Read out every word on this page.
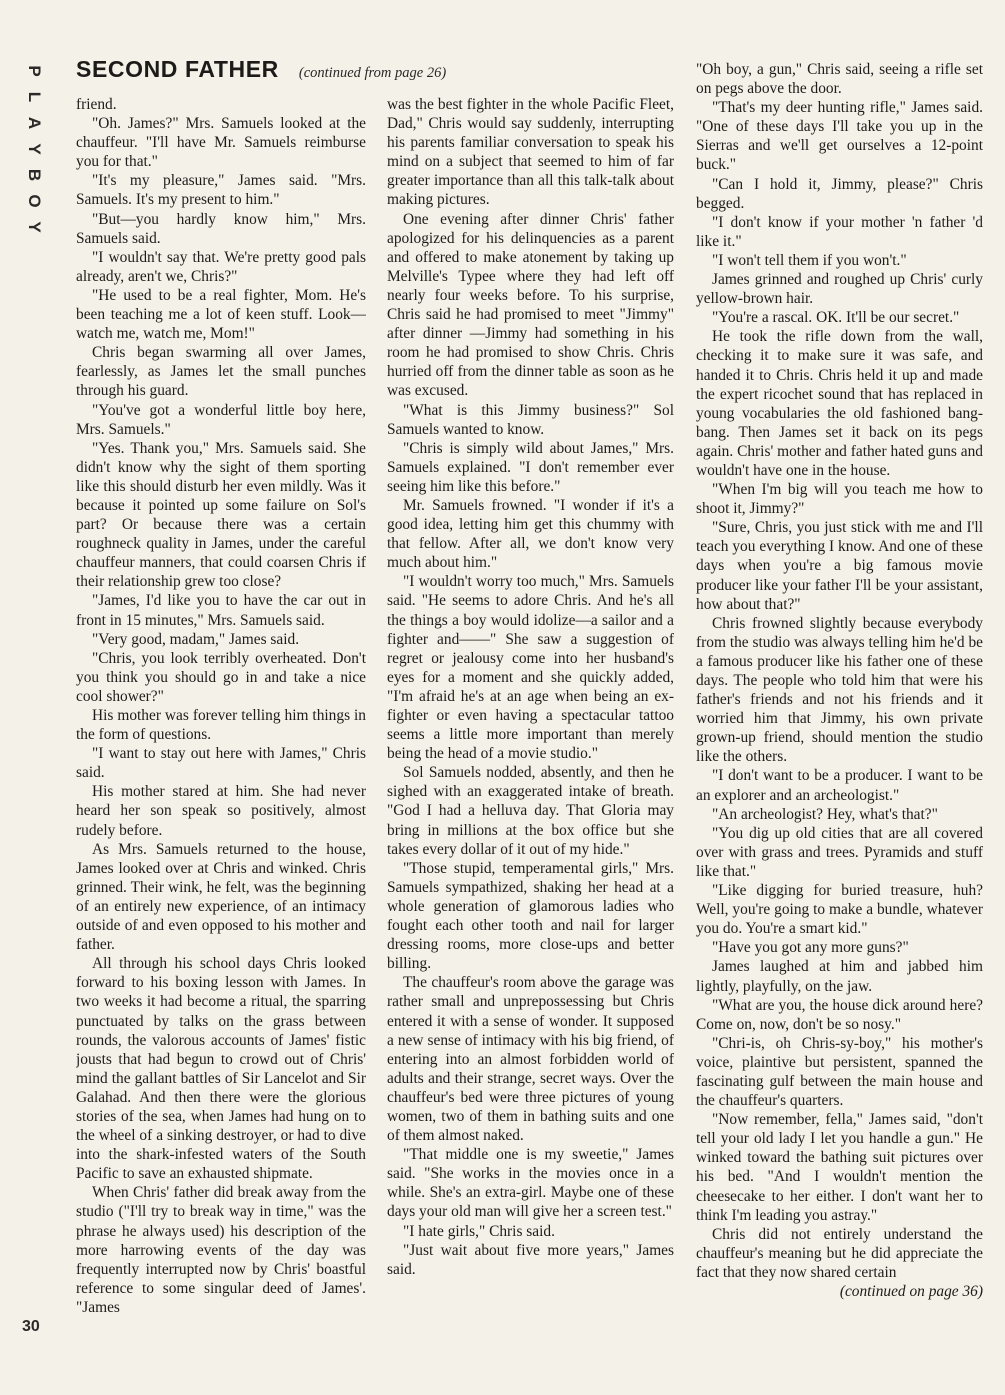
P
L
A
Y
B
O
Y
SECOND FATHER (continued from page 26)

friend.

"Oh. James?" Mrs. Samuels looked at the chauffeur. "I'll have Mr. Samuels reimburse you for that."

"It's my pleasure," James said. "Mrs. Samuels. It's my present to him."

"But—you hardly know him," Mrs. Samuels said.

"I wouldn't say that. We're pretty good pals already, aren't we, Chris?"

"He used to be a real fighter, Mom. He's been teaching me a lot of keen stuff. Look—watch me, watch me, Mom!"

Chris began swarming all over James, fearlessly, as James let the small punches through his guard.

"You've got a wonderful little boy here, Mrs. Samuels."

"Yes. Thank you," Mrs. Samuels said. She didn't know why the sight of them sporting like this should disturb her even mildly. Was it because it pointed up some failure on Sol's part? Or because there was a certain roughneck quality in James, under the careful chauffeur manners, that could coarsen Chris if their relationship grew too close?

"James, I'd like you to have the car out in front in 15 minutes," Mrs. Samuels said.

"Very good, madam," James said.

"Chris, you look terribly overheated. Don't you think you should go in and take a nice cool shower?"

His mother was forever telling him things in the form of questions.

"I want to stay out here with James," Chris said.

His mother stared at him. She had never heard her son speak so positively, almost rudely before.

As Mrs. Samuels returned to the house, James looked over at Chris and winked. Chris grinned. Their wink, he felt, was the beginning of an entirely new experience, of an intimacy outside of and even opposed to his mother and father.

All through his school days Chris looked forward to his boxing lesson with James. In two weeks it had become a ritual, the sparring punctuated by talks on the grass between rounds, the valorous accounts of James' fistic jousts that had begun to crowd out of Chris' mind the gallant battles of Sir Lancelot and Sir Galahad. And then there were the glorious stories of the sea, when James had hung on to the wheel of a sinking destroyer, or had to dive into the shark-infested waters of the South Pacific to save an exhausted shipmate.

When Chris' father did break away from the studio ("I'll try to break way in time," was the phrase he always used) his description of the more harrowing events of the day was frequently interrupted now by Chris' boastful reference to some singular deed of James'. "James

was the best fighter in the whole Pacific Fleet, Dad," Chris would say suddenly, interrupting his parents familiar conversation to speak his mind on a subject that seemed to him of far greater importance than all this talk-talk about making pictures.

One evening after dinner Chris' father apologized for his delinquencies as a parent and offered to make atonement by taking up Melville's Typee where they had left off nearly four weeks before. To his surprise, Chris said he had promised to meet "Jimmy" after dinner —Jimmy had something in his room he had promised to show Chris. Chris hurried off from the dinner table as soon as he was excused.

"What is this Jimmy business?" Sol Samuels wanted to know.

"Chris is simply wild about James," Mrs. Samuels explained. "I don't remember ever seeing him like this before."

Mr. Samuels frowned. "I wonder if it's a good idea, letting him get this chummy with that fellow. After all, we don't know very much about him."

"I wouldn't worry too much," Mrs. Samuels said. "He seems to adore Chris. And he's all the things a boy would idolize—a sailor and a fighter and——" She saw a suggestion of regret or jealousy come into her husband's eyes for a moment and she quickly added, "I'm afraid he's at an age when being an ex-fighter or even having a spectacular tattoo seems a little more important than merely being the head of a movie studio."

Sol Samuels nodded, absently, and then he sighed with an exaggerated intake of breath. "God I had a helluva day. That Gloria may bring in millions at the box office but she takes every dollar of it out of my hide."

"Those stupid, temperamental girls," Mrs. Samuels sympathized, shaking her head at a whole generation of glamorous ladies who fought each other tooth and nail for larger dressing rooms, more close-ups and better billing.

The chauffeur's room above the garage was rather small and unprepossessing but Chris entered it with a sense of wonder. It supposed a new sense of intimacy with his big friend, of entering into an almost forbidden world of adults and their strange, secret ways. Over the chauffeur's bed were three pictures of young women, two of them in bathing suits and one of them almost naked.

"That middle one is my sweetie," James said. "She works in the movies once in a while. She's an extra-girl. Maybe one of these days your old man will give her a screen test."

"I hate girls," Chris said.

"Just wait about five more years," James said.

"Oh boy, a gun," Chris said, seeing a rifle set on pegs above the door.

"That's my deer hunting rifle," James said. "One of these days I'll take you up in the Sierras and we'll get ourselves a 12-point buck."

"Can I hold it, Jimmy, please?" Chris begged.

"I don't know if your mother 'n father 'd like it."

"I won't tell them if you won't."

James grinned and roughed up Chris' curly yellow-brown hair.

"You're a rascal. OK. It'll be our secret."

He took the rifle down from the wall, checking it to make sure it was safe, and handed it to Chris. Chris held it up and made the expert ricochet sound that has replaced in young vocabularies the old fashioned bang-bang. Then James set it back on its pegs again. Chris' mother and father hated guns and wouldn't have one in the house.

"When I'm big will you teach me how to shoot it, Jimmy?"

"Sure, Chris, you just stick with me and I'll teach you everything I know. And one of these days when you're a big famous movie producer like your father I'll be your assistant, how about that?"

Chris frowned slightly because everybody from the studio was always telling him he'd be a famous producer like his father one of these days. The people who told him that were his father's friends and not his friends and it worried him that Jimmy, his own private grown-up friend, should mention the studio like the others.

"I don't want to be a producer. I want to be an explorer and an archeologist."

"An archeologist? Hey, what's that?"

"You dig up old cities that are all covered over with grass and trees. Pyramids and stuff like that."

"Like digging for buried treasure, huh? Well, you're going to make a bundle, whatever you do. You're a smart kid."

"Have you got any more guns?"

James laughed at him and jabbed him lightly, playfully, on the jaw.

"What are you, the house dick around here? Come on, now, don't be so nosy."

"Chri-is, oh Chris-sy-boy," his mother's voice, plaintive but persistent, spanned the fascinating gulf between the main house and the chauffeur's quarters.

"Now remember, fella," James said, "don't tell your old lady I let you handle a gun." He winked toward the bathing suit pictures over his bed. "And I wouldn't mention the cheesecake to her either. I don't want her to think I'm leading you astray."

Chris did not entirely understand the chauffeur's meaning but he did appreciate the fact that they now shared certain

(continued on page 36)

30
